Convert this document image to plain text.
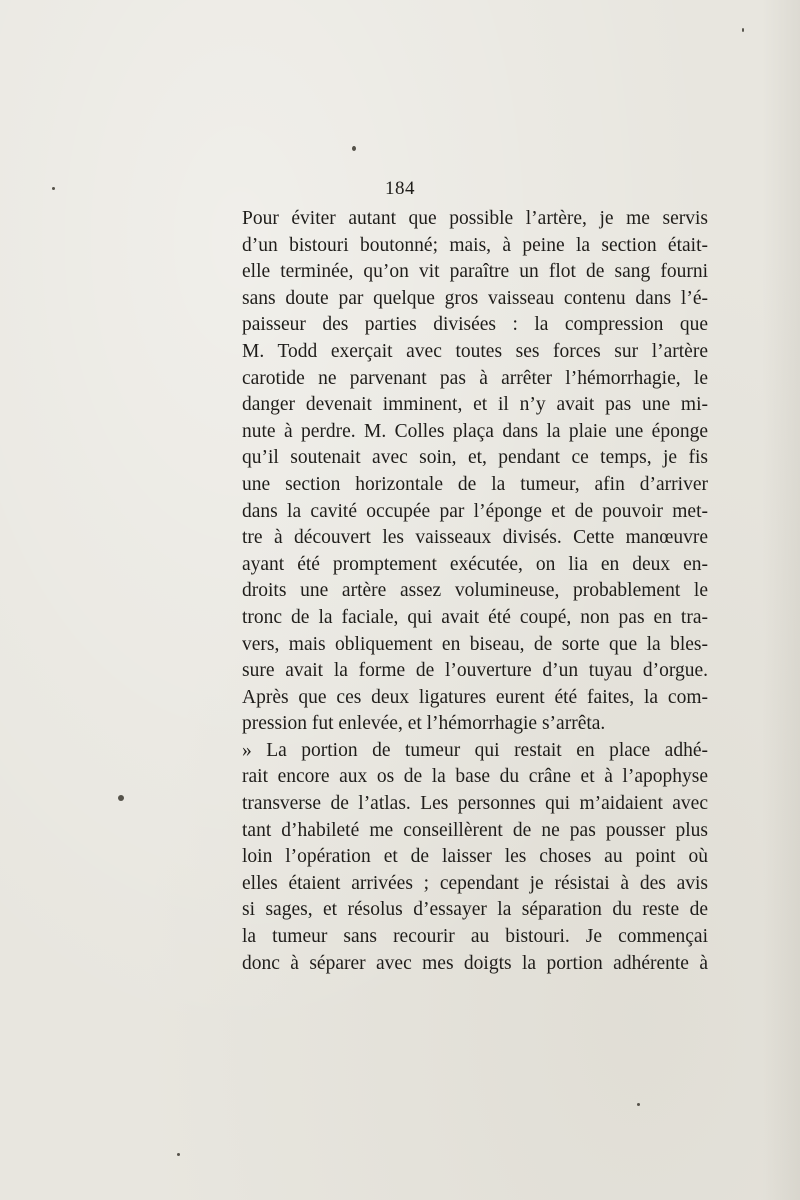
184
Pour éviter autant que possible l’artère, je me servis
d’un bistouri boutonné; mais, à peine la section était-
elle terminée, qu’on vit paraître un flot de sang fourni
sans doute par quelque gros vaisseau contenu dans l’é-
paisseur des parties divisées : la compression que
M. Todd exerçait avec toutes ses forces sur l’artère
carotide ne parvenant pas à arrêter l’hémorrhagie, le
danger devenait imminent, et il n’y avait pas une mi-
nute à perdre. M. Colles plaça dans la plaie une éponge
qu’il soutenait avec soin, et, pendant ce temps, je fis
une section horizontale de la tumeur, afin d’arriver
dans la cavité occupée par l’éponge et de pouvoir met-
tre à découvert les vaisseaux divisés. Cette manœuvre
ayant été promptement exécutée, on lia en deux en-
droits une artère assez volumineuse, probablement le
tronc de la faciale, qui avait été coupé, non pas en tra-
vers, mais obliquement en biseau, de sorte que la bles-
sure avait la forme de l’ouverture d’un tuyau d’orgue.
Après que ces deux ligatures eurent été faites, la com-
pression fut enlevée, et l’hémorrhagie s’arrêta.
» La portion de tumeur qui restait en place adhé-
rait encore aux os de la base du crâne et à l’apophyse
transverse de l’atlas. Les personnes qui m’aidaient avec
tant d’habileté me conseillèrent de ne pas pousser plus
loin l’opération et de laisser les choses au point où
elles étaient arrivées ; cependant je résistai à des avis
si sages, et résolus d’essayer la séparation du reste de
la tumeur sans recourir au bistouri. Je commençai
donc à séparer avec mes doigts la portion adhérente à
